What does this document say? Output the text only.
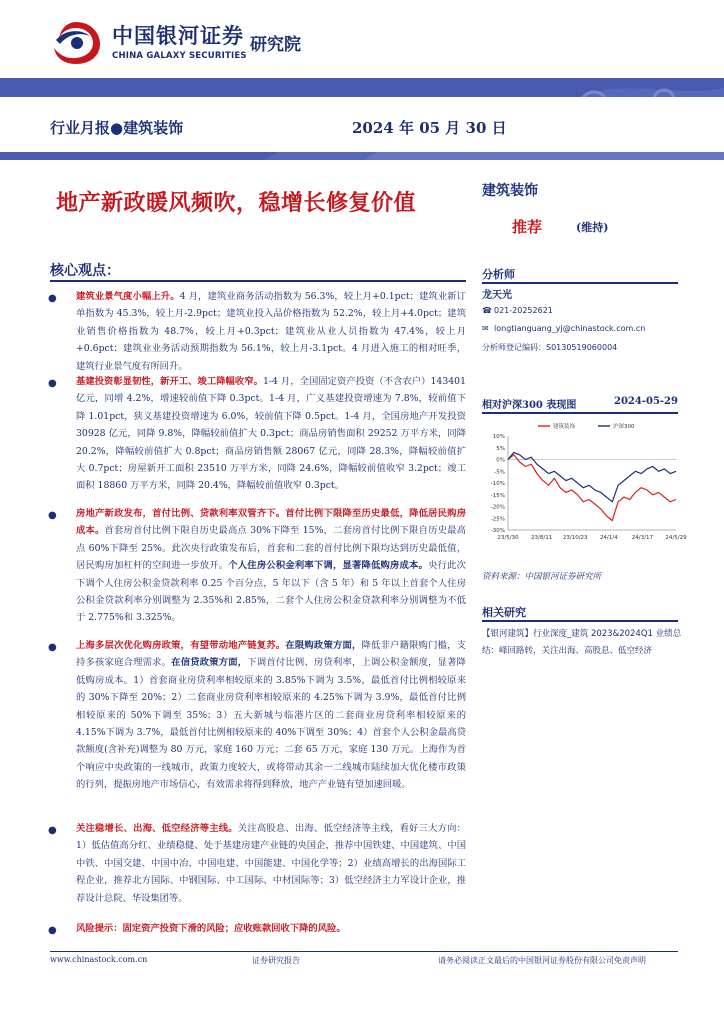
中国银河证券
CHINA GALAXY SECURITIES
研究院
行业月报●建筑装饰	2024 年 05 月 30 日
地产新政暖风频吹，稳增长修复价值	建筑装饰
推荐	(维持)
核心观点：
● 建筑业景气度小幅上升。4 月，建筑业商务活动指数为 56.3%，较上月+0.1pct；建筑业新订单指数为 45.3%，较上月-2.9pct；建筑业投入品价格指数为 52.2%，较上月+4.0pct；建筑业销售价格指数为 48.7%，较上月+0.3pct；建筑业从业人员指数为 47.4%，较上月+0.6pct；建筑业业务活动预期指数为 56.1%，较上月-3.1pct。4 月进入施工的相对旺季，建筑行业景气度有所回升。
● 基建投资彰显韧性，新开工、竣工降幅收窄。1-4 月，全国固定资产投资（不含农户）143401 亿元，同增 4.2%，增速较前值下降 0.3pct。1-4 月，广义基建投资增速为 7.8%，较前值下降 1.01pct，狭义基建投资增速为 6.0%，较前值下降 0.5pct。1-4 月，全国房地产开发投资 30928 亿元，同降 9.8%，降幅较前值扩大 0.3pct；商品房销售面积 29252 万平方米，同降 20.2%，降幅较前值扩大 0.8pct；商品房销售额 28067 亿元，同降 28.3%，降幅较前值扩大 0.7pct；房屋新开工面积 23510 万平方米，同降 24.6%，降幅较前值收窄 3.2pct；竣工面积 18860 万平方米，同降 20.4%，降幅较前值收窄 0.3pct。
● 房地产新政发布，首付比例、贷款利率双管齐下。首付比例下限降至历史最低，降低居民购房成本。首套房首付比例下限自历史最高点 30%下降至 15%，二套房首付比例下限自历史最高点 60%下降至 25%。此次央行政策发布后，首套和二套的首付比例下限均达到历史最低值，居民购房加杠杆的空间进一步放开。个人住房公积金利率下调，显著降低购房成本。央行此次下调个人住房公积金贷款利率 0.25 个百分点，5 年以下（含 5 年）和 5 年以上首套个人住房公积金贷款利率分别调整为 2.35%和 2.85%，二套个人住房公积金贷款利率分别调整为不低于 2.775%和 3.325%。
● 上海多层次优化购房政策，有望带动地产链复苏。在限购政策方面，降低非户籍限购门槛，支持多孩家庭合理需求。在信贷政策方面，下调首付比例、房贷利率，上调公积金额度，显著降低购房成本。1）首套商业房贷利率相较原来的 3.85%下调为 3.5%，最低首付比例相较原来的 30%下降至 20%；2）二套商业房贷利率相较原来的 4.25%下调为 3.9%，最低首付比例相较原来的 50%下调至 35%；3）五大新城与临港片区的二套商业房贷利率相较原来的 4.15%下调为 3.7%，最低首付比例相较原来的 40%下调至 30%；4）首套个人公积金最高贷款额度(含补充)调整为 80 万元，家庭 160 万元；二套 65 万元，家庭 130 万元。上海作为首个响应中央政策的一线城市，政策力度较大，或将带动其余一二线城市陆续加大优化楼市政策的行列，提振房地产市场信心，有效需求将得到释放，地产产业链有望加速回暖。
● 关注稳增长、出海、低空经济等主线。关注高股息、出海、低空经济等主线，看好三大方向：1）低估值高分红、业绩稳健、处于基建房建产业链的央国企，推荐中国铁建、中国建筑、中国中铁、中国交建、中国中冶、中国电建、中国能建、中国化学等；2）业绩高增长的出海国际工程企业，推荐北方国际、中钢国际、中工国际、中材国际等；3）低空经济主力军设计企业，推荐设计总院、华设集团等。
● 风险提示：固定资产投资下滑的风险；应收账款回收下降的风险。
分析师
龙天光
☎ 021-20252621
✉ longtianguang_yj@chinastock.com.cn
分析师登记编码：S0130519060004
相对沪深300 表现图	2024-05-29
10%
5%
0%
-5%
-10%
-15%
-20%
-25%
-30%
23/5/30 23/8/11 23/10/23 24/1/4	24/3/17 24/5/29
建筑装饰	沪深300
资料来源：中国银河证券研究所
相关研究
【银河建筑】行业深度_建筑 2023&2024Q1 业绩总结：峰回路转，关注出海、高股息、低空经济
www.chinastock.com.cn	证券研究报告	请务必阅读正文最后的中国银河证券股份有限公司免责声明
